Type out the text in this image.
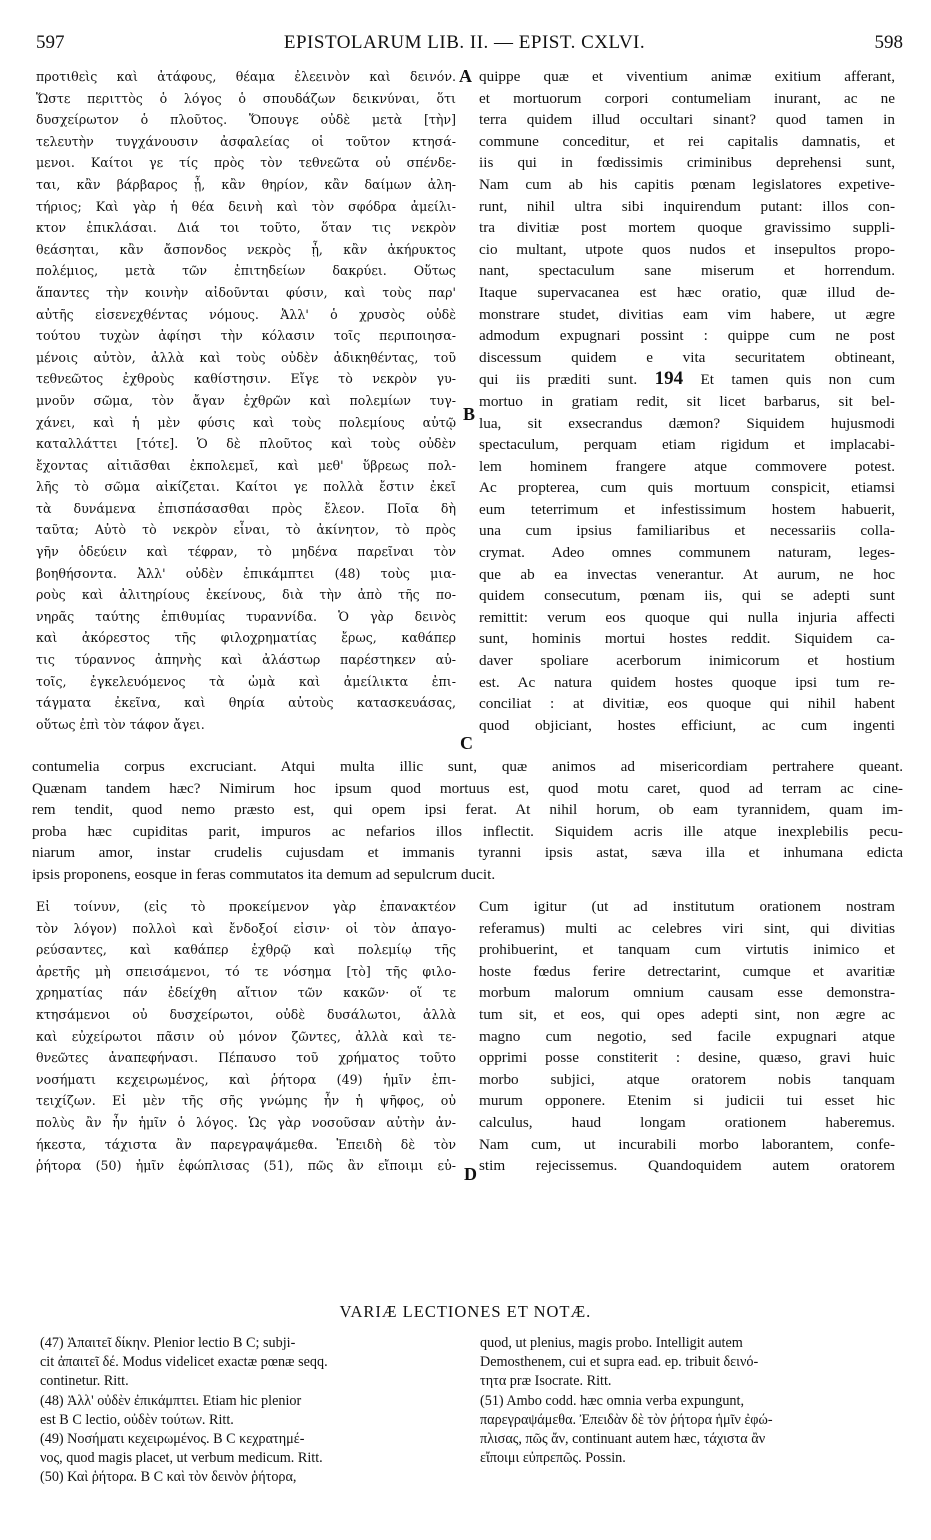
597	EPISTOLARUM LIB. II. — EPIST. CXLVI.	598
προτιθεὶς καὶ ἀτάφους, θέαμα ἐλεεινὸν καὶ δεινόν.
Ὥστε περιττὸς ὁ λόγος ὁ σπουδάζων δεικνύναι, ὅτι
δυσχείρωτον ὁ πλοῦτος. Ὅπουγε οὐδὲ μετὰ [τὴν]
τελευτὴν τυγχάνουσιν ἀσφαλείας οἱ τοῦτον κτησά-
μενοι. Καίτοι γε τίς πρὸς τὸν τεθνεῶτα οὐ σπένδε-
ται, κἂν βάρβαρος ᾖ, κἂν θηρίον, κἂν δαίμων ἀλη-
τήριος; Καὶ γὰρ ἡ θέα δεινὴ καὶ τὸν σφόδρα ἀμείλι-
κτον ἐπικλάσαι. Διά τοι τοῦτο, ὅταν τις νεκρὸν
θεάσηται, κἂν ἄσπονδος νεκρὸς ᾖ, κἂν ἀκήρυκτος
πολέμιος, μετὰ τῶν ἐπιτηδείων δακρύει. Οὕτως
ἅπαντες τὴν κοινὴν αἰδοῦνται φύσιν, καὶ τοὺς παρ'
αὐτῆς εἰσενεχθέντας νόμους. Ἀλλ' ὁ χρυσὸς οὐδὲ
τούτου τυχὼν ἀφίησι τὴν κόλασιν τοῖς περιποιησα-
μένοις αὐτὸν, ἀλλὰ καὶ τοὺς οὐδὲν ἀδικηθέντας, τοῦ
τεθνεῶτος ἐχθροὺς καθίστησιν. Εἴγε τὸ νεκρὸν γυ-
μνοῦν σῶμα, τὸν ἄγαν ἐχθρῶν καὶ πολεμίων τυγ-
χάνει, καὶ ἡ μὲν φύσις καὶ τοὺς πολεμίους αὐτῷ
καταλλάττει [τότε]. Ὁ δὲ πλοῦτος καὶ τοὺς οὐδὲν
ἔχοντας αἰτιᾶσθαι ἐκπολεμεῖ, καὶ μεθ' ὕβρεως πολ-
λῆς τὸ σῶμα αἰκίζεται. Καίτοι γε πολλὰ ἔστιν ἐκεῖ
τὰ δυνάμενα ἐπισπάσασθαι πρὸς ἔλεον. Ποῖα δὴ
ταῦτα; Αὐτὸ τὸ νεκρὸν εἶναι, τὸ ἀκίνητον, τὸ πρὸς
γῆν ὁδεύειν καὶ τέφραν, τὸ μηδένα παρεῖναι τὸν
βοηθήσοντα. Ἀλλ' οὐδὲν ἐπικάμπτει (48) τοὺς μια-
ροὺς καὶ ἀλιτηρίους ἐκείνους, διὰ τὴν ἀπὸ τῆς πο-
νηρᾶς ταύτης ἐπιθυμίας τυραννίδα. Ὁ γὰρ δεινὸς
καὶ ἀκόρεστος τῆς φιλοχρηματίας ἔρως, καθάπερ
τις τύραννος ἀπηνὴς καὶ ἀλάστωρ παρέστηκεν αὐ-
τοῖς, ἐγκελευόμενος τὰ ὠμὰ καὶ ἀμείλικτα ἐπι-
τάγματα ἐκεῖνα, καὶ θηρία αὐτοὺς κατασκευάσας,
οὕτως ἐπὶ τὸν τάφον ἄγει.
quippe quæ et viventium animæ exitium afferant,
et mortuorum corpori contumeliam inurant, ac ne
terra quidem illud occultari sinant? quod tamen in
commune conceditur, et rei capitalis damnatis, et
iis qui in fœdissimis criminibus deprehensi sunt,
Nam cum ab his capitis pœnam legislatores expetive-
runt, nihil ultra sibi inquirendum putant: illos con-
tra divitiæ post mortem quoque gravissimo suppli-
cio multant, utpote quos nudos et insepultos propo-
nant, spectaculum sane miserum et horrendum.
Itaque supervacanea est hæc oratio, quæ illud de-
monstrare studet, divitias eam vim habere, ut ægre
admodum expugnari possint : quippe cum ne post
discessum quidem e vita securitatem obtineant,
qui iis præditi sunt. 194 Et tamen quis non cum
mortuo in gratiam redit, sit licet barbarus, sit bel-
lua, sit exsecrandus dæmon? Siquidem hujusmodi
spectaculum, perquam etiam rigidum et implacabi-
lem hominem frangere atque commovere potest.
Ac propterea, cum quis mortuum conspicit, etiamsi
eum teterrimum et infestissimum hostem habuerit,
una cum ipsius familiaribus et necessariis colla-
crymat. Adeo omnes communem naturam, leges-
que ab ea invectas venerantur. At aurum, ne hoc
quidem consecutum, pœnam iis, qui se adepti sunt
remittit: verum eos quoque qui nulla injuria affecti
sunt, hominis mortui hostes reddit. Siquidem ca-
daver spoliare acerborum inimicorum et hostium
est. Ac natura quidem hostes quoque ipsi tum re-
conciliat : at divitiæ, eos quoque qui nihil habent
quod objiciant, hostes efficiunt, ac cum ingenti
A
B
C
D
contumelia corpus excruciant. Atqui multa illic sunt, quæ animos ad misericordiam pertrahere queant.
Quænam tandem hæc? Nimirum hoc ipsum quod mortuus est, quod motu caret, quod ad terram ac cine-
rem tendit, quod nemo præsto est, qui opem ipsi ferat. At nihil horum, ob eam tyrannidem, quam im-
proba hæc cupiditas parit, impuros ac nefarios illos inflectit. Siquidem acris ille atque inexplebilis pecu-
niarum amor, instar crudelis cujusdam et immanis tyranni ipsis astat, sæva illa et inhumana edicta
ipsis proponens, eosque in feras commutatos ita demum ad sepulcrum ducit.
Εἰ τοίνυν, (εἰς τὸ προκείμενον γὰρ ἐπανακτέον
τὸν λόγον) πολλοὶ καὶ ἔνδοξοί εἰσιν· οἱ τὸν ἀπαγο-
ρεύσαντες, καὶ καθάπερ ἐχθρῷ καὶ πολεμίῳ τῆς
ἀρετῆς μὴ σπεισάμενοι, τό τε νόσημα [τὸ] τῆς φιλο-
χρηματίας πάν ἐδείχθη αἴτιον τῶν κακῶν· οἵ τε
κτησάμενοι οὐ δυσχείρωτοι, οὐδὲ δυσάλωτοι, ἀλλὰ
καὶ εὐχείρωτοι πᾶσιν οὐ μόνον ζῶντες, ἀλλὰ καὶ τε-
θνεῶτες ἀναπεφήνασι. Πέπαυσο τοῦ χρήματος τοῦτο
νοσήματι κεχειρωμένος, καὶ ῥήτορα (49) ἡμῖν ἐπι-
τειχίζων. Εἰ μὲν τῆς σῆς γνώμης ἦν ἡ ψῆφος, οὐ
πολὺς ἂν ἦν ἡμῖν ὁ λόγος. Ὡς γὰρ νοσοῦσαν αὐτὴν ἀν-
ήκεστα, τάχιστα ἂν παρεγραψάμεθα. Ἐπειδὴ δὲ τὸν
ῥήτορα (50) ἡμῖν ἐφώπλισας (51), πῶς ἂν εἴποιμι εὐ-
Cum igitur (ut ad institutum orationem nostram
referamus) multi ac celebres viri sint, qui divitias
prohibuerint, et tanquam cum virtutis inimico et
hoste fœdus ferire detrectarint, cumque et avaritiæ
morbum malorum omnium causam esse demonstra-
tum sit, et eos, qui opes adepti sint, non ægre ac
magno cum negotio, sed facile expugnari atque
opprimi posse constiterit : desine, quæso, gravi huic
morbo subjici, atque oratorem nobis tanquam
murum opponere. Etenim si judicii tui esset hic
calculus, haud longam orationem haberemus.
Nam cum, ut incurabili morbo laborantem, confe-
stim rejecissemus. Quandoquidem autem oratorem
VARIÆ LECTIONES ET NOTÆ.
(47) Ἀπαιτεῖ δίκην. Plenior lectio B C; subji-
cit ἀπαιτεῖ δέ. Modus videlicet exactæ pœnæ seqq.
continetur. Ritt.
(48) Ἀλλ' οὐδὲν ἐπικάμπτει. Etiam hic plenior
est B C lectio, οὐδὲν τούτων. Ritt.
(49) Νοσήματι κεχειρωμένος. B C κεχρατημέ-
νος, quod magis placet, ut verbum medicum. Ritt.
(50) Καὶ ῥήτορα. B C καὶ τὸν δεινὸν ῥήτορα,
quod, ut plenius, magis probo. Intelligit autem
Demosthenem, cui et supra ead. ep. tribuit δεινό-
τητα præ Isocrate. Ritt.
(51) Ambo codd. hæc omnia verba expungunt,
παρεγραψάμεθα. Ἐπειδὰν δὲ τὸν ῥήτορα ἡμῖν ἐφώ-
πλισας, πῶς ἄν, continuant autem hæc, τάχιστα ἂν
εἴποιμι εὐπρεπῶς. Possin.
